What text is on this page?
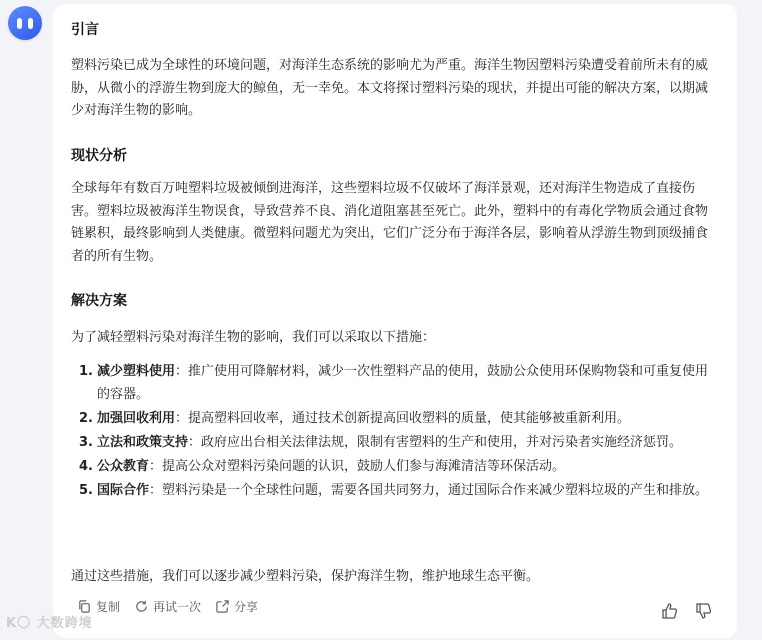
引言

塑料污染已成为全球性的环境问题，对海洋生态系统的影响尤为严重。海洋生物因塑料污染遭受着前所未有的威胁，从微小的浮游生物到庞大的鲸鱼，无一幸免。本文将探讨塑料污染的现状，并提出可能的解决方案，以期减少对海洋生物的影响。

现状分析

全球每年有数百万吨塑料垃圾被倾倒进海洋，这些塑料垃圾不仅破坏了海洋景观，还对海洋生物造成了直接伤害。塑料垃圾被海洋生物误食，导致营养不良、消化道阻塞甚至死亡。此外，塑料中的有毒化学物质会通过食物链累积，最终影响到人类健康。微塑料问题尤为突出，它们广泛分布于海洋各层，影响着从浮游生物到顶级捕食者的所有生物。

解决方案

为了减轻塑料污染对海洋生物的影响，我们可以采取以下措施：

1. 减少塑料使用：推广使用可降解材料，减少一次性塑料产品的使用，鼓励公众使用环保购物袋和可重复使用的容器。
2. 加强回收利用：提高塑料回收率，通过技术创新提高回收塑料的质量，使其能够被重新利用。
3. 立法和政策支持：政府应出台相关法律法规，限制有害塑料的生产和使用，并对污染者实施经济惩罚。
4. 公众教育：提高公众对塑料污染问题的认识，鼓励人们参与海滩清洁等环保活动。
5. 国际合作：塑料污染是一个全球性问题，需要各国共同努力，通过国际合作来减少塑料垃圾的产生和排放。

通过这些措施，我们可以逐步减少塑料污染，保护海洋生物，维护地球生态平衡。

复制	再试一次	分享
K〇 大数跨境
